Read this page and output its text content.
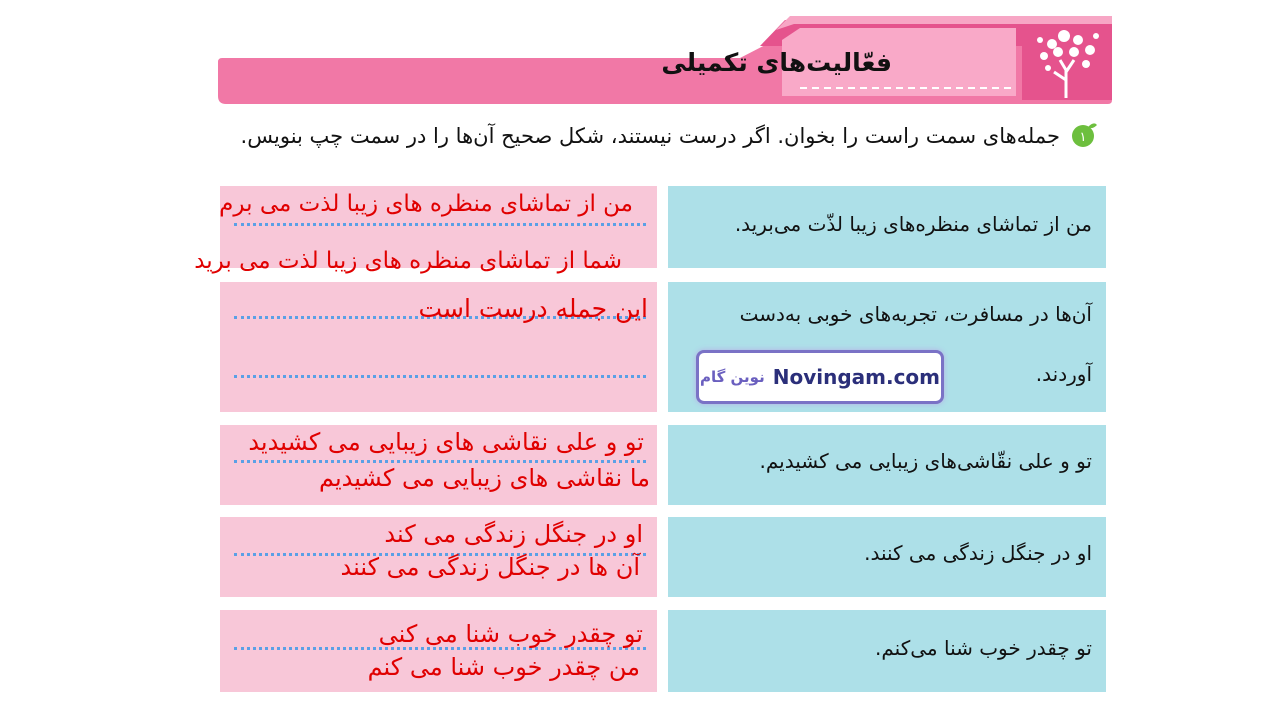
فعّالیت‌های تکمیلی
۱
جمله‌های سمت راست را بخوان. اگر درست نیستند، شکل صحیح آن‌ها را در سمت چپ بنویس.
من از تماشای منظره‌های زیبا لذّت می‌برید.
آن‌ها در مسافرت، تجربه‌های خوبی به‌دست
آوردند.
تو و علی نقّاشی‌های زیبایی می کشیدیم.
او در جنگل زندگی می کنند.
تو چقدر خوب شنا می‌کنم.
من از تماشای منظره های زیبا لذت می برم
شما از تماشای منظره های زیبا لذت می برید
این جمله درست است
تو و علی نقاشی های زیبایی می کشیدید
ما نقاشی های زیبایی می کشیدیم
او در جنگل زندگی می کند
آن ها در جنگل زندگی می کنند
تو چقدر خوب شنا می کنی
من چقدر خوب شنا می کنم
نوین گام Novingam.com
